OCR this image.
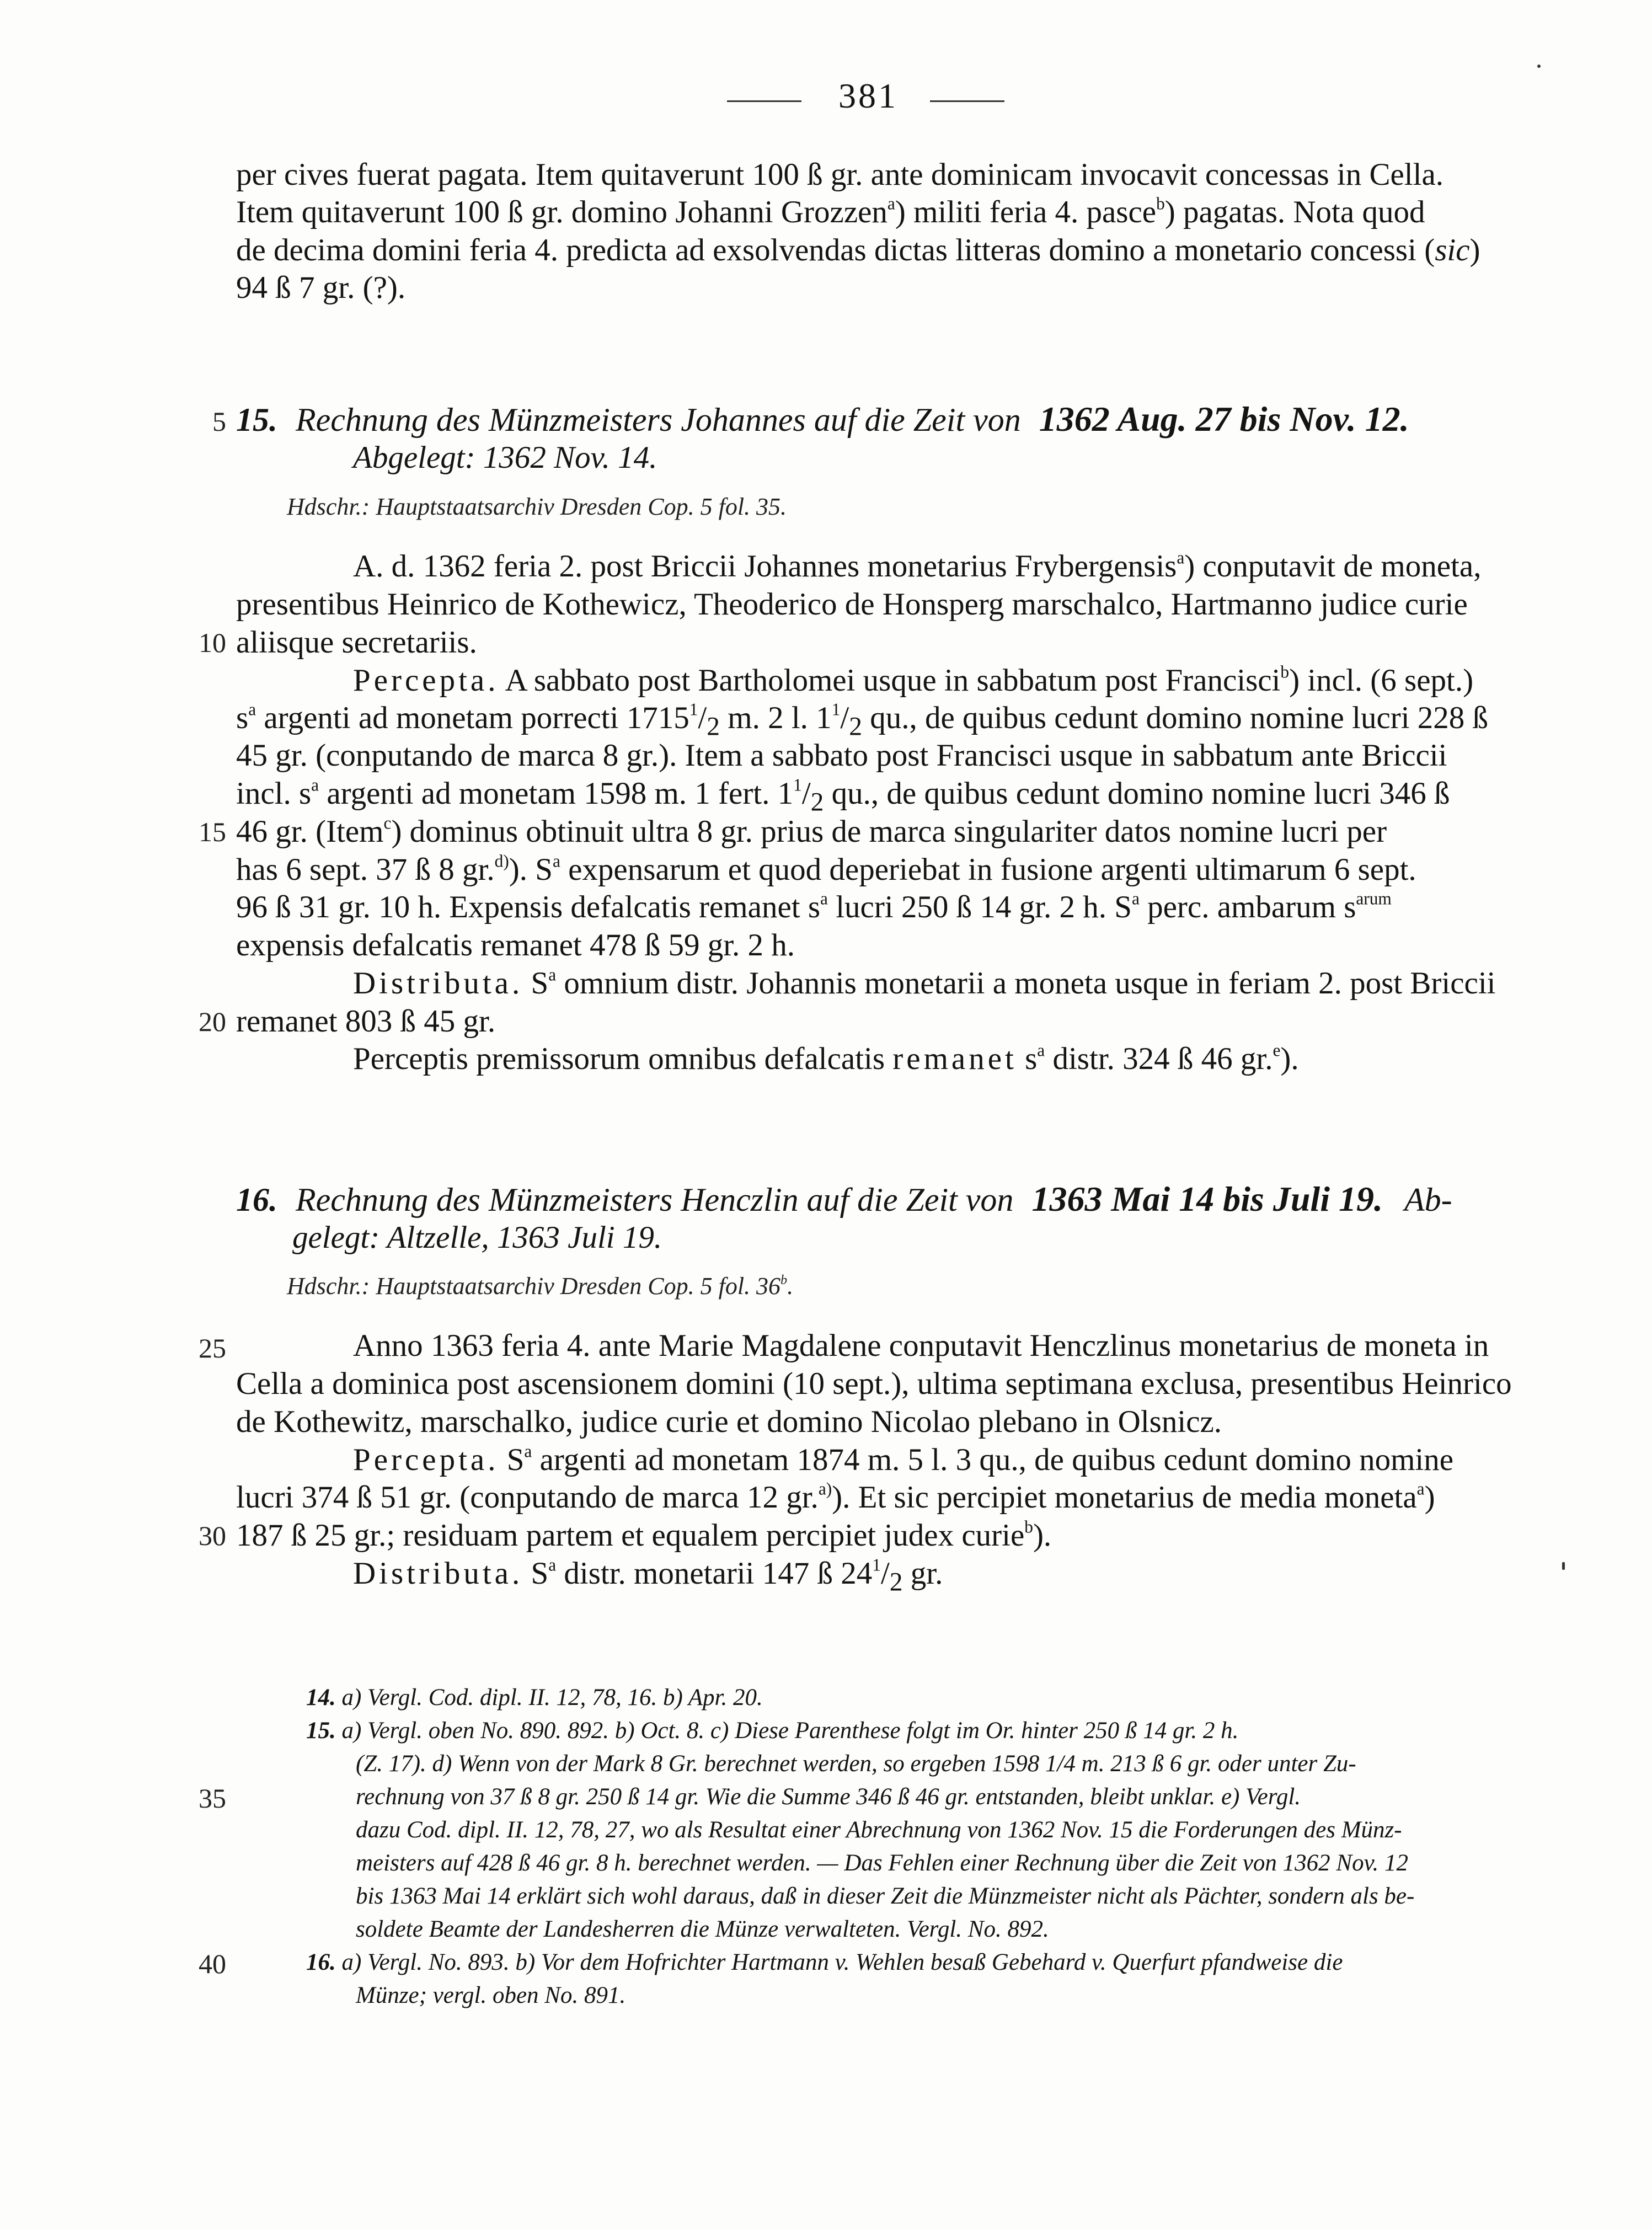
381
per cives fuerat pagata. Item quitaverunt 100 ß gr. ante dominicam invocavit concessas in Cella.
Item quitaverunt 100 ß gr. domino Johanni Grozzen$^a$) militi feria 4. pasce$^b$) pagatas. Nota quod
de decima domini feria 4. predicta ad exsolvendas dictas litteras domino a monetario concessi (sic)
94 ß 7 gr. (?).
5 15. Rechnung des Münzmeisters Johannes auf die Zeit von 1362 Aug. 27 bis Nov. 12.
Abgelegt: 1362 Nov. 14.
Hdschr.: Hauptstaatsarchiv Dresden Cop. 5 fol. 35.
A. d. 1362 feria 2. post Briccii Johannes monetarius Frybergensis$^a$) conputavit de moneta,
presentibus Heinrico de Kothewicz, Theoderico de Honsperg marschalco, Hartmanno judice curie
10 aliisque secretariis.
Percepta. A sabbato post Bartholomei usque in sabbatum post Francisci$^b$) incl. (6 sept.)
$s^a$ argenti ad monetam porrecti $1715^1/_2$ m. 2 l. $1^1/_2$ qu., de quibus cedunt domino nomine lucri 228 ß
45 gr. (conputando de marca 8 gr.). Item a sabbato post Francisci usque in sabbatum ante Briccii
incl. $s^a$ argenti ad monetam 1598 m. 1 fert. $1^1/_2$ qu., de quibus cedunt domino nomine lucri 346 ß
15 46 gr. (Item$^c$) dominus obtinuit ultra 8 gr. prius de marca singulariter datos nomine lucri per
has 6 sept. 37 ß 8 gr.$^{d)}$). $S^a$ expensarum et quod deperiebat in fusione argenti ultimarum 6 sept.
96 ß 31 gr. 10 h. Expensis defalcatis remanet $s^a$ lucri 250 ß 14 gr. 2 h. $S^a$ perc. ambarum $s^{arum}$
expensis defalcatis remanet 478 ß 59 gr. 2 h.
Distributa. $S^a$ omnium distr. Johannis monetarii a moneta usque in feriam 2. post Briccii
20 remanet 803 ß 45 gr.
Perceptis premissorum omnibus defalcatis remanet $s^a$ distr. 324 ß 46 gr.$^e$).
16. Rechnung des Münzmeisters Henczlin auf die Zeit von 1363 Mai 14 bis Juli 19. Ab-
gelegt: Altzelle, 1363 Juli 19.
Hdschr.: Hauptstaatsarchiv Dresden Cop. 5 fol. 36$^b$.
25	Anno 1363 feria 4. ante Marie Magdalene conputavit Henczlinus monetarius de moneta in
Cella a dominica post ascensionem domini (10 sept.), ultima septimana exclusa, presentibus Heinrico
de Kothewitz, marschalko, judice curie et domino Nicolao plebano in Olsnicz.
Percepta. $S^a$ argenti ad monetam 1874 m. 5 l. 3 qu., de quibus cedunt domino nomine
lucri 374 ß 51 gr. (conputando de marca 12 gr.$^{a)}$). Et sic percipiet monetarius de media moneta$^a$)
30 187 ß 25 gr.; residuam partem et equalem percipiet judex curie$^b$).
Distributa. $S^a$ distr. monetarii 147 ß $24^1/_2$ gr.
14. a) Vergl. Cod. dipl. II. 12, 78, 16. b) Apr. 20.
15. a) Vergl. oben No. 890. 892. b) Oct. 8. c) Diese Parenthese folgt im Or. hinter 250 ß 14 gr. 2 h.
(Z. 17). d) Wenn von der Mark 8 Gr. berechnet werden, so ergeben 1598 1/4 m. 213 ß 6 gr. oder unter Zu-
35	rechnung von 37 ß 8 gr. 250 ß 14 gr. Wie die Summe 346 ß 46 gr. entstanden, bleibt unklar. e) Vergl.
dazu Cod. dipl. II. 12, 78, 27, wo als Resultat einer Abrechnung von 1362 Nov. 15 die Forderungen des Münz-
meisters auf 428 ß 46 gr. 8 h. berechnet werden. — Das Fehlen einer Rechnung über die Zeit von 1362 Nov. 12
bis 1363 Mai 14 erklärt sich wohl daraus, daß in dieser Zeit die Münzmeister nicht als Pächter, sondern als be-
soldete Beamte der Landesherren die Münze verwalteten. Vergl. No. 892.
40	16. a) Vergl. No. 893. b) Vor dem Hofrichter Hartmann v. Wehlen besaß Gebehard v. Querfurt pfandweise die
Münze; vergl. oben No. 891.
